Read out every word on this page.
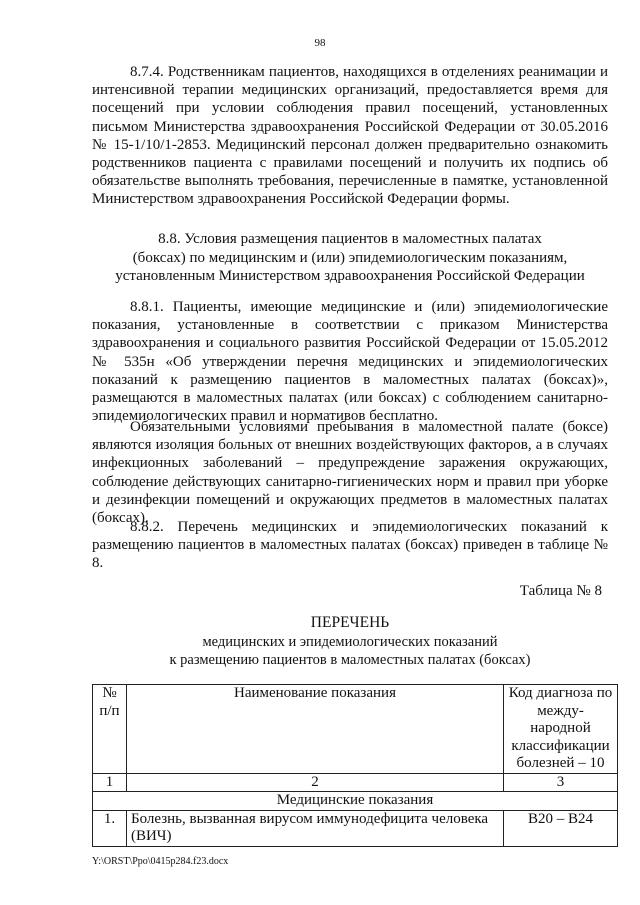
98

8.7.4. Родственникам пациентов, находящихся в отделениях реанимации и интенсивной терапии медицинских организаций, предоставляется время для посещений при условии соблюдения правил посещений, установленных письмом Министерства здравоохранения Российской Федерации от 30.05.2016 № 15-1/10/1-2853. Медицинский персонал должен предварительно ознакомить родственников пациента с правилами посещений и получить их подпись об обязательстве выполнять требования, перечисленные в памятке, установленной Министерством здравоохранения Российской Федерации формы.

8.8. Условия размещения пациентов в маломестных палатах
(боксах) по медицинским и (или) эпидемиологическим показаниям,
установленным Министерством здравоохранения Российской Федерации

8.8.1. Пациенты, имеющие медицинские и (или) эпидемиологические показания, установленные в соответствии с приказом Министерства здравоохранения и социального развития Российской Федерации от 15.05.2012 № 535н «Об утверждении перечня медицинских и эпидемиологических показаний к размещению пациентов в маломестных палатах (боксах)», размещаются в маломестных палатах (или боксах) с соблюдением санитарно-эпидемиологических правил и нормативов бесплатно.

Обязательными условиями пребывания в маломестной палате (боксе) являются изоляция больных от внешних воздействующих факторов, а в случаях инфекционных заболеваний – предупреждение заражения окружающих, соблюдение действующих санитарно-гигиенических норм и правил при уборке и дезинфекции помещений и окружающих предметов в маломестных палатах (боксах).

8.8.2. Перечень медицинских и эпидемиологических показаний к размещению пациентов в маломестных палатах (боксах) приведен в таблице № 8.

Таблица № 8

ПЕРЕЧЕНЬ
медицинских и эпидемиологических показаний
к размещению пациентов в маломестных палатах (боксах)

№ п/п	Наименование показания	Код диагноза по между-народной классификации болезней – 10
1	2	3
Медицинские показания		
1.	Болезнь, вызванная вирусом иммунодефицита человека (ВИЧ)	B20 – B24
Y:\ORST\Ppo\0415p284.f23.docx
